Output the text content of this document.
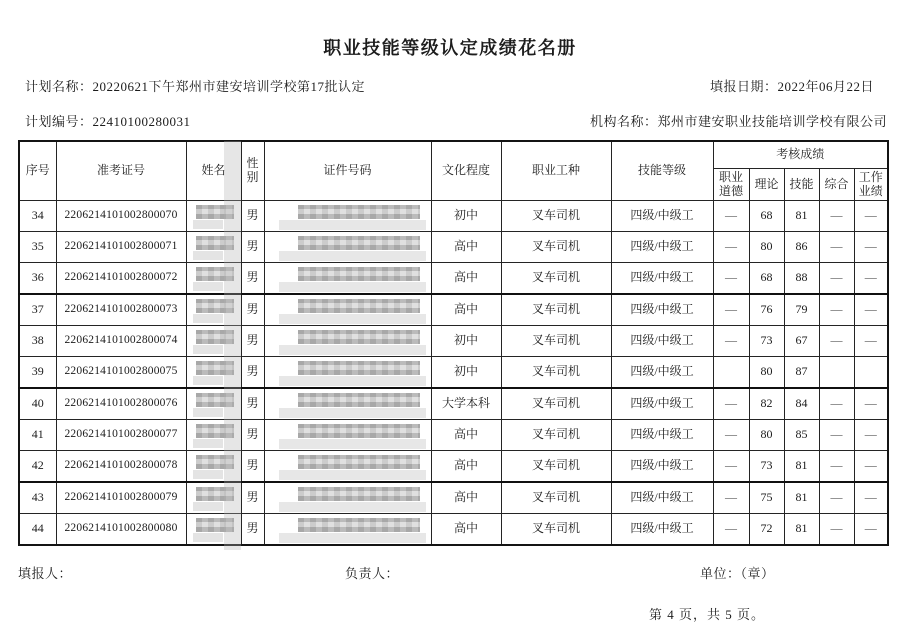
职业技能等级认定成绩花名册
计划名称：20220621下午郑州市建安培训学校第17批认定	填报日期：2022年06月22日
计划编号：22410100280031	机构名称：郑州市建安职业技能培训学校有限公司
序号	准考证号	姓名	性别	证件号码	文化程度	职业工种	技能等级	考核成绩				
								职业道德	理论	技能	综合	工作业绩
34	2206214101002800070		男		初中	叉车司机	四级/中级工	—	68	81	—	—
35	2206214101002800071		男		高中	叉车司机	四级/中级工	—	80	86	—	—
36	2206214101002800072		男		高中	叉车司机	四级/中级工	—	68	88	—	—
37	2206214101002800073		男		高中	叉车司机	四级/中级工	—	76	79	—	—
38	2206214101002800074		男		初中	叉车司机	四级/中级工	—	73	67	—	—
39	2206214101002800075		男		初中	叉车司机	四级/中级工		80	87		
40	2206214101002800076		男		大学本科	叉车司机	四级/中级工	—	82	84	—	—
41	2206214101002800077		男		高中	叉车司机	四级/中级工	—	80	85	—	—
42	2206214101002800078		男		高中	叉车司机	四级/中级工	—	73	81	—	—
43	2206214101002800079		男		高中	叉车司机	四级/中级工	—	75	81	—	—
44	2206214101002800080		男		高中	叉车司机	四级/中级工	—	72	81	—	—
填报人：	负责人：	单位：（章）
第 4 页，共 5 页。
